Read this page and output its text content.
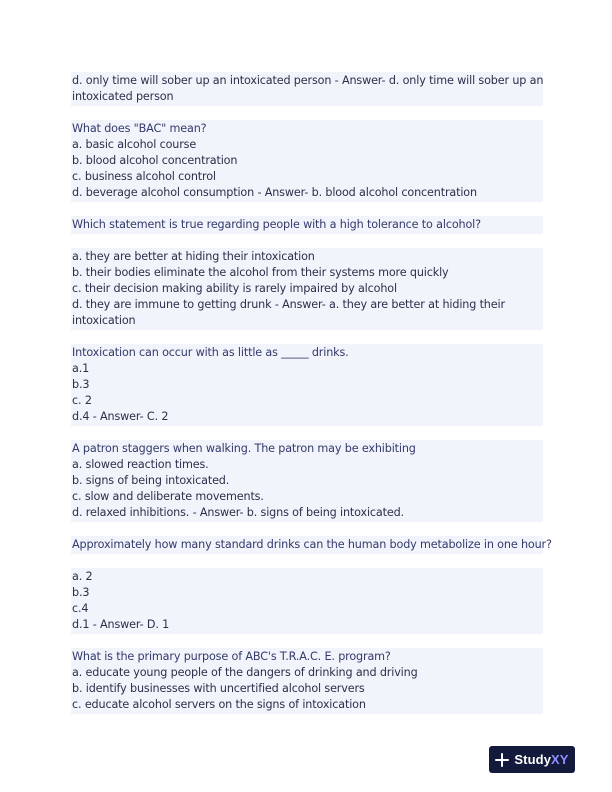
d. only time will sober up an intoxicated person - Answer- d. only time will sober up an
intoxicated person
What does "BAC" mean?
a. basic alcohol course
b. blood alcohol concentration
c. business alcohol control
d. beverage alcohol consumption - Answer- b. blood alcohol concentration
Which statement is true regarding people with a high tolerance to alcohol?
a. they are better at hiding their intoxication
b. their bodies eliminate the alcohol from their systems more quickly
c. their decision making ability is rarely impaired by alcohol
d. they are immune to getting drunk - Answer- a. they are better at hiding their
intoxication
Intoxication can occur with as little as _____ drinks.
a.1
b.3
c. 2
d.4 - Answer- C. 2
A patron staggers when walking. The patron may be exhibiting
a. slowed reaction times.
b. signs of being intoxicated.
c. slow and deliberate movements.
d. relaxed inhibitions. - Answer- b. signs of being intoxicated.
Approximately how many standard drinks can the human body metabolize in one hour?
a. 2
b.3
c.4
d.1 - Answer- D. 1
What is the primary purpose of ABC's T.R.A.C. E. program?
a. educate young people of the dangers of drinking and driving
b. identify businesses with uncertified alcohol servers
c. educate alcohol servers on the signs of intoxication
StudyXY
